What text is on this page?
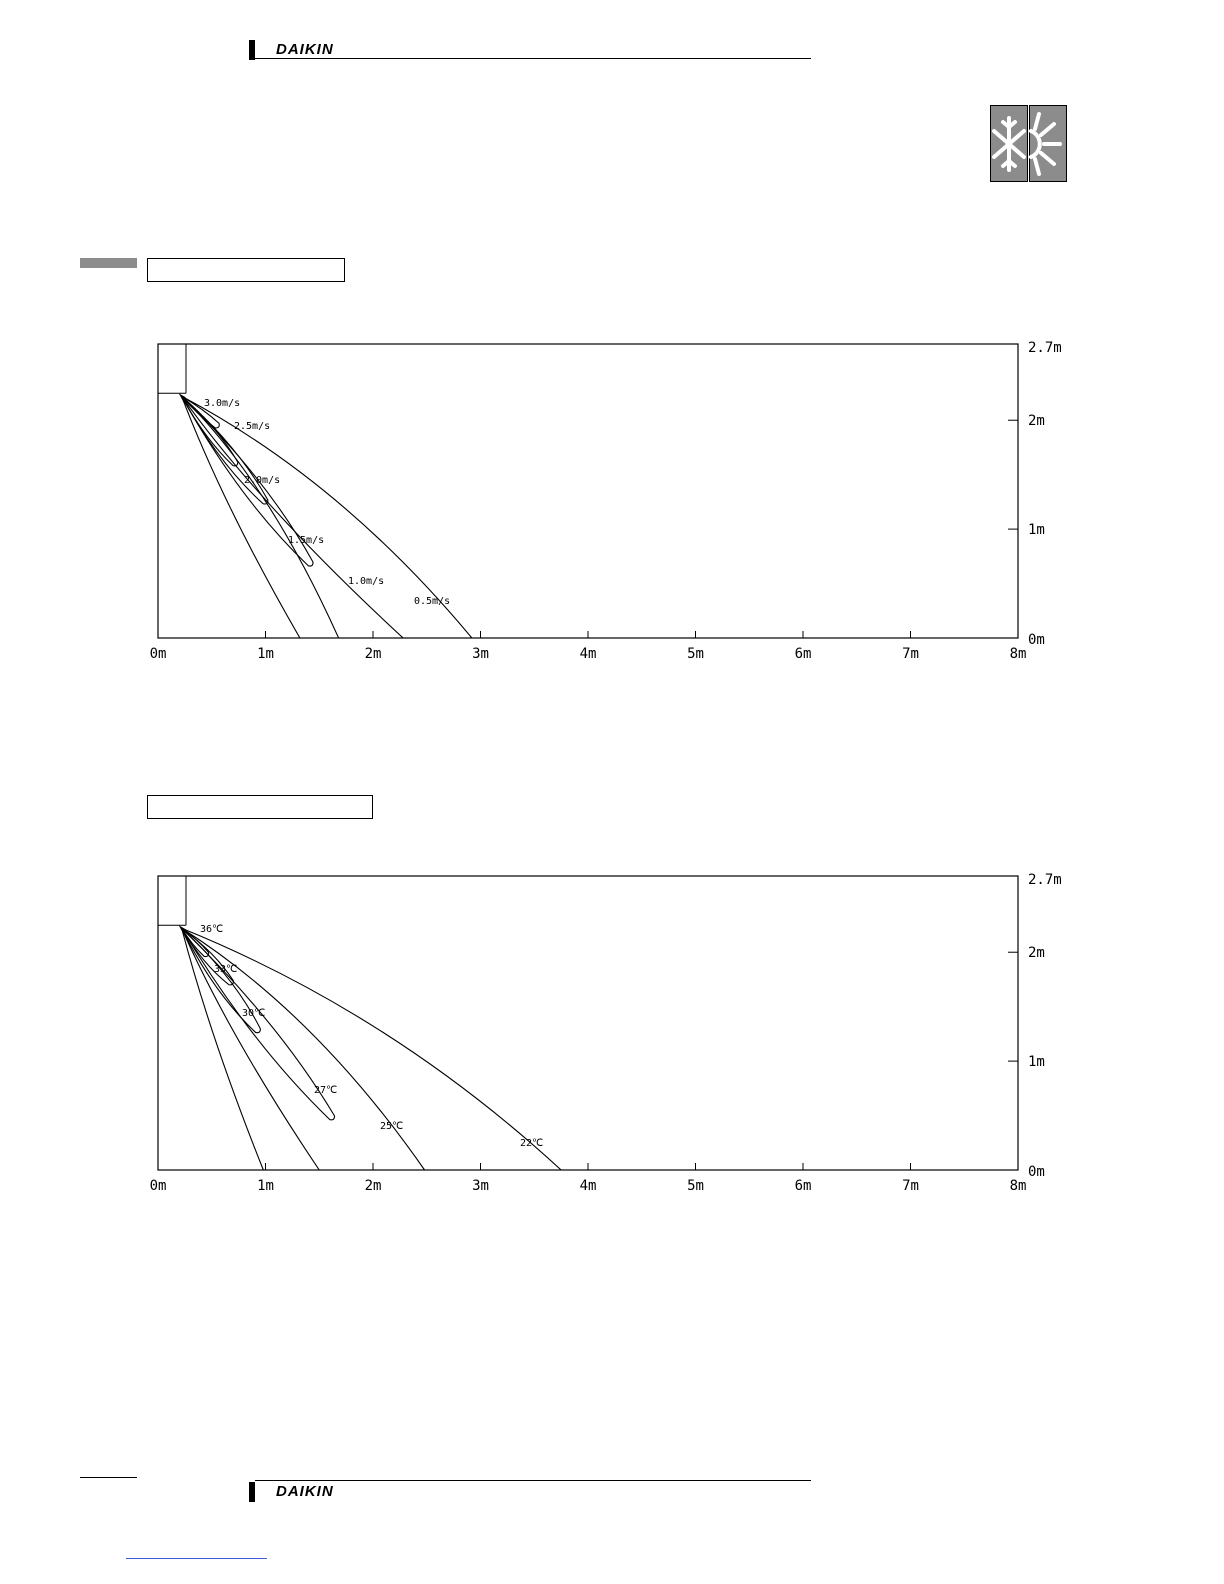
DAIKIN
0m	1m	2m	3m	4m	5m	6m	7m	8m
0m
1m
2m
2.7m
3.0m/s
2.5m/s
2.0m/s
1.5m/s
1.0m/s
0.5m/s
0m	1m	2m	3m	4m	5m	6m	7m	8m
0m
1m
2m
2.7m
36℃
33℃
30℃
27℃
25℃
22℃
DAIKIN
